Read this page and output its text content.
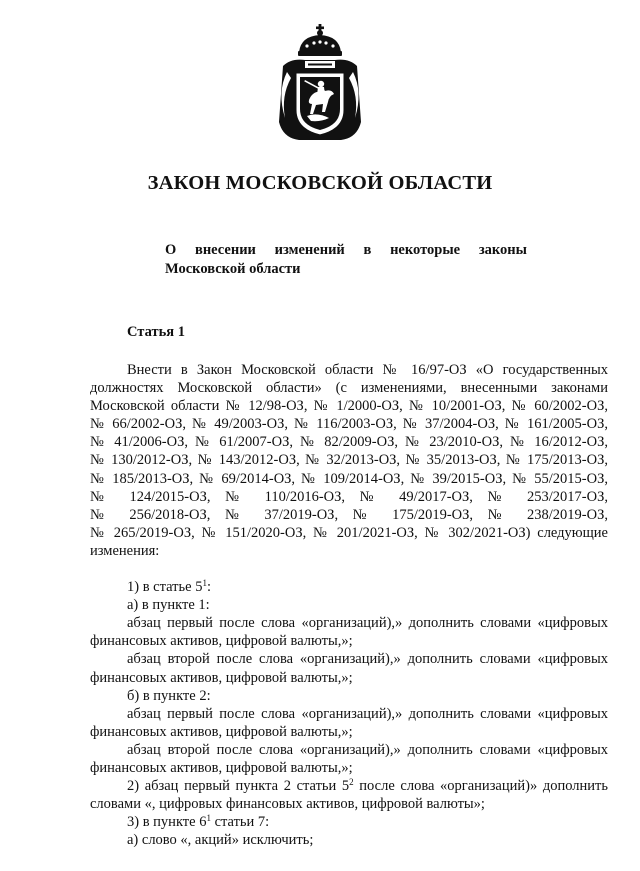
ЗАКОН МОСКОВСКОЙ ОБЛАСТИ
О внесении изменений в некоторые законы
Московской области
Статья 1
Внести в Закон Московской области № 16/97-ОЗ «О государственных
должностях Московской области» (с изменениями, внесенными законами
Московской области № 12/98-ОЗ, № 1/2000-ОЗ, № 10/2001-ОЗ, № 60/2002-ОЗ,
№ 66/2002-ОЗ, № 49/2003-ОЗ, № 116/2003-ОЗ, № 37/2004-ОЗ, № 161/2005-ОЗ,
№ 41/2006-ОЗ, № 61/2007-ОЗ, № 82/2009-ОЗ, № 23/2010-ОЗ, № 16/2012-ОЗ,
№ 130/2012-ОЗ, № 143/2012-ОЗ, № 32/2013-ОЗ, № 35/2013-ОЗ, № 175/2013-ОЗ,
№ 185/2013-ОЗ, № 69/2014-ОЗ, № 109/2014-ОЗ, № 39/2015-ОЗ, № 55/2015-ОЗ,
№ 124/2015-ОЗ, № 110/2016-ОЗ, № 49/2017-ОЗ, № 253/2017-ОЗ,
№ 256/2018-ОЗ, № 37/2019-ОЗ, № 175/2019-ОЗ, № 238/2019-ОЗ,
№ 265/2019-ОЗ, № 151/2020-ОЗ, № 201/2021-ОЗ, № 302/2021-ОЗ) следующие
изменения:
1) в статье $5^1$:
а) в пункте 1:
абзац первый после слова «организаций),» дополнить словами «цифровых
финансовых активов, цифровой валюты,»;
абзац второй после слова «организаций),» дополнить словами «цифровых
финансовых активов, цифровой валюты,»;
б) в пункте 2:
абзац первый после слова «организаций),» дополнить словами «цифровых
финансовых активов, цифровой валюты,»;
абзац второй после слова «организаций),» дополнить словами «цифровых
финансовых активов, цифровой валюты,»;
2) абзац первый пункта 2 статьи $5^2$ после слова «организаций)» дополнить
словами «, цифровых финансовых активов, цифровой валюты»;
3) в пункте $6^1$ статьи 7:
а) слово «, акций» исключить;
